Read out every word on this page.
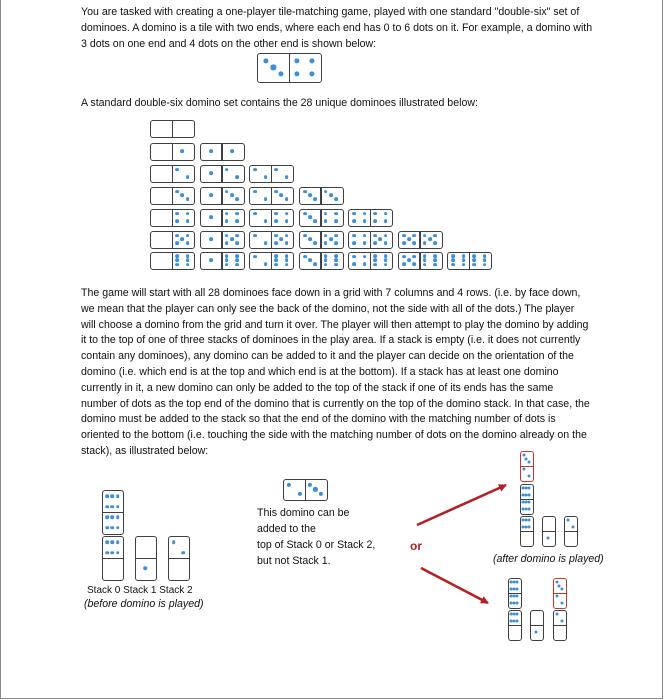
You are tasked with creating a one-player tile-matching game, played with one standard "double-six" set of dominoes. A domino is a tile with two ends, where each end has 0 to 6 dots on it. For example, a domino with 3 dots on one end and 4 dots on the other end is shown below:
A standard double-six domino set contains the 28 unique dominoes illustrated below:
The game will start with all 28 dominoes face down in a grid with 7 columns and 4 rows. (i.e. by face down, we mean that the player can only see the back of the domino, not the side with all of the dots.) The player will choose a domino from the grid and turn it over. The player will then attempt to play the domino by adding it to the top of one of three stacks of dominoes in the play area. If a stack is empty (i.e. it does not currently contain any dominoes), any domino can be added to it and the player can decide on the orientation of the domino (i.e. which end is at the top and which end is at the bottom). If a stack has at least one domino currently in it, a new domino can only be added to the top of the stack if one of its ends has the same number of dots as the top end of the domino that is currently on the top of the domino stack. In that case, the domino must be added to the stack so that the end of the domino with the matching number of dots is oriented to the bottom (i.e. touching the side with the matching number of dots on the domino already on the stack), as illustrated below:
Stack 0 Stack 1 Stack 2
(before domino is played)
This domino can be
added to the
top of Stack 0 or Stack 2,
but not Stack 1.
or
(after domino is played)
